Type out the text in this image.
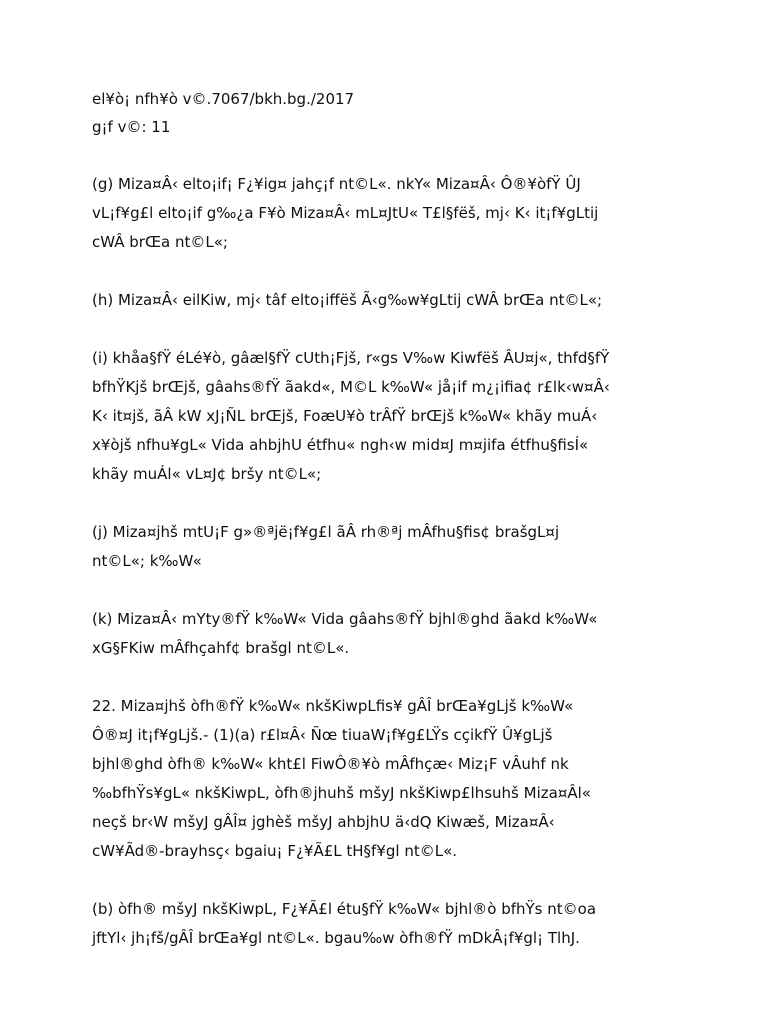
el¥ò¡ nfh¥ò v©.7067/bkh.bg./2017

g¡f v©: 11

(g) Miza¤Â‹ elto¡if¡ F¿¥ig¤ jahç¡f nt©L«. nkY« Miza¤Â‹ Ô®¥òfŸ ÛJ
vL¡f¥g£l elto¡if g‰¿a F¥ò Miza¤Â‹ mL¤JtU« T£l§fëš, mj‹ K‹ it¡f¥gLtij
cWÂ brŒa nt©L«;

(h) Miza¤Â‹ eilKiw, mj‹ tâf elto¡iffëš Ã‹g‰w¥gLtij cWÂ brŒa nt©L«;

(i) khåa§fŸ éLé¥ò, gâæl§fŸ cUth¡Fjš, r«gs V‰w Kiwfëš ÂU¤j«, thfd§fŸ
bfhŸKjš brŒjš, gâahs®fŸ ãakd«, M©L k‰W« jå¡if m¿¡ifia¢ r£lk‹w¤Â‹
K‹ it¤jš, ãÂ kW xJ¡ÑL brŒjš, FoæU¥ò trÂfŸ brŒjš k‰W« khãy muÁ‹
x¥òjš nfhu¥gL« Vida ahbjhU étfhu« ngh‹w mid¤J m¤jifa étfhu§fisÍ«
khãy muÁl« vL¤J¢ bršy nt©L«;

(j) Miza¤jhš mtU¡F g»®ªjë¡f¥g£l ãÂ rh®ªj mÂfhu§fis¢ brašgL¤j
nt©L«; k‰W«

(k) Miza¤Â‹ mYty®fŸ k‰W« Vida gâahs®fŸ bjhl®ghd ãakd k‰W«
xG§FKiw mÂfhçahf¢ brašgl nt©L«.

22. Miza¤jhš òfh®fŸ k‰W« nkšKiwpLfis¥ gÂÎ brŒa¥gLjš k‰W«
Ô®¤J it¡f¥gLjš.- (1)(a) r£l¤Â‹ Ñœ tiuaW¡f¥g£LŸs cçikfŸ Û¥gLjš
bjhl®ghd òfh® k‰W« kht£l FiwÔ®¥ò mÂfhçæ‹ Miz¡F vÂuhf nk
‰bfhŸs¥gL« nkšKiwpL, òfh®jhuhš mšyJ nkšKiwp£lhsuhš Miza¤Âl«
neçš br‹W mšyJ gÂÎ¤ jghèš mšyJ ahbjhU ä‹dQ Kiwæš, Miza¤Â‹
cW¥Ãd®-brayhsç‹ bgaiu¡ F¿¥Ã£L tH§f¥gl nt©L«.

(b) òfh® mšyJ nkšKiwpL, F¿¥Ã£l étu§fŸ k‰W« bjhl®ò bfhŸs nt©oa
jftYl‹ jh¡fš/gÂÎ brŒa¥gl nt©L«. bgau‰w òfh®fŸ mDkÂ¡f¥gl¡ TlhJ.
